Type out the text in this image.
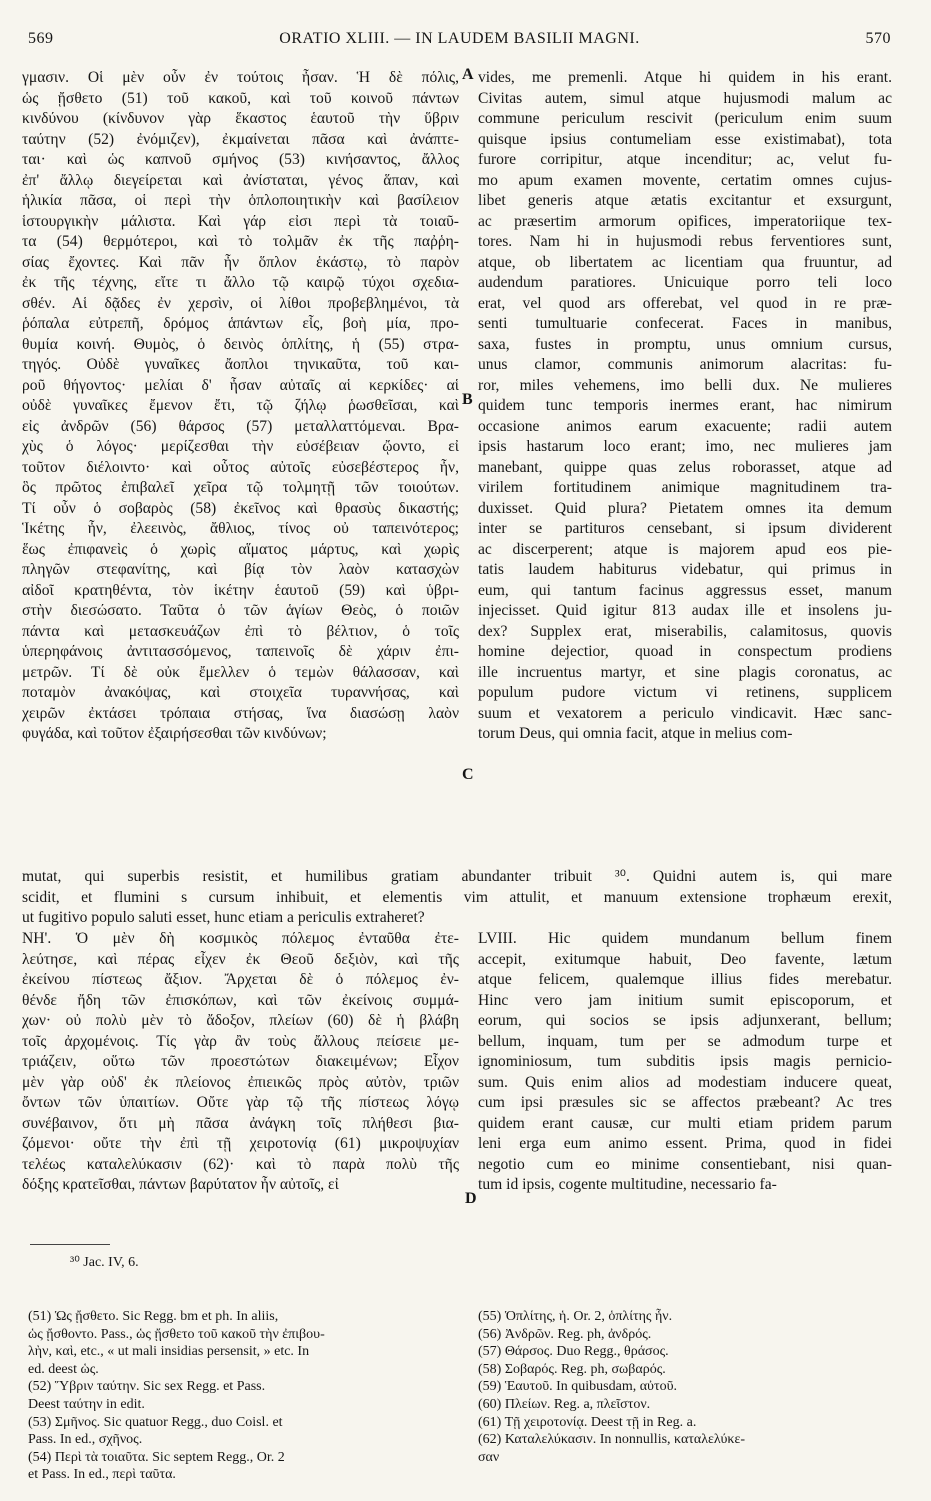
569	ORATIO XLIII. — IN LAUDEM BASILII MAGNI.	570
A
B
C
D
γμασιν. Οἱ μὲν οὖν ἐν τούτοις ἦσαν. Ἡ δὲ πόλις,
ὡς ᾔσθετο (51) τοῦ κακοῦ, καὶ τοῦ κοινοῦ πάντων
κινδύνου (κίνδυνον γὰρ ἕκαστος ἑαυτοῦ τὴν ὕβριν
ταύτην (52) ἐνόμιζεν), ἐκμαίνεται πᾶσα καὶ ἀνάπτε-
ται· καὶ ὡς καπνοῦ σμήνος (53) κινήσαντος, ἄλλος
ἐπ' ἄλλῳ διεγείρεται καὶ ἀνίσταται, γένος ἅπαν, καὶ
ἡλικία πᾶσα, οἱ περὶ τὴν ὁπλοποιητικὴν καὶ βασίλειον
ἱστουργικὴν μάλιστα. Καὶ γάρ εἰσι περὶ τὰ τοιαῦ-
τα (54) θερμότεροι, καὶ τὸ τολμᾶν ἐκ τῆς παῤῥη-
σίας ἔχοντες. Καὶ πᾶν ἦν ὅπλον ἑκάστῳ, τὸ παρὸν
ἐκ τῆς τέχνης, εἴτε τι ἄλλο τῷ καιρῷ τύχοι σχεδια-
σθέν. Αἱ δᾷδες ἐν χερσὶν, οἱ λίθοι προβεβλημένοι, τὰ
ῥόπαλα εὐτρεπῆ, δρόμος ἁπάντων εἷς, βοὴ μία, προ-
θυμία κοινή. Θυμὸς, ὁ δεινὸς ὁπλίτης, ἡ (55) στρα-
τηγός. Οὐδὲ γυναῖκες ἄοπλοι τηνικαῦτα, τοῦ και-
ροῦ θήγοντος· μελίαι δ' ἦσαν αὐταῖς αἱ κερκίδες· αἱ
οὐδὲ γυναῖκες ἔμενον ἔτι, τῷ ζήλῳ ῥωσθεῖσαι, καὶ
εἰς ἀνδρῶν (56) θάρσος (57) μεταλλαττόμεναι. Βρα-
χὺς ὁ λόγος· μερίζεσθαι τὴν εὐσέβειαν ᾤοντο, εἰ
τοῦτον διέλοιντο· καὶ οὗτος αὐτοῖς εὐσεβέστερος ἦν,
ὃς πρῶτος ἐπιβαλεῖ χεῖρα τῷ τολμητῇ τῶν τοιούτων.
Τί οὖν ὁ σοβαρὸς (58) ἐκεῖνος καὶ θρασὺς δικαστής;
Ἱκέτης ἦν, ἐλεεινὸς, ἄθλιος, τίνος οὐ ταπεινότερος;
ἕως ἐπιφανεὶς ὁ χωρὶς αἵματος μάρτυς, καὶ χωρὶς
πληγῶν στεφανίτης, καὶ βίᾳ τὸν λαὸν κατασχὼν
αἰδοῖ κρατηθέντα, τὸν ἱκέτην ἑαυτοῦ (59) καὶ ὑβρι-
στὴν διεσώσατο. Ταῦτα ὁ τῶν ἁγίων Θεὸς, ὁ ποιῶν
πάντα καὶ μετασκευάζων ἐπὶ τὸ βέλτιον, ὁ τοῖς
ὑπερηφάνοις ἀντιτασσόμενος, ταπεινοῖς δὲ χάριν ἐπι-
μετρῶν. Τί δὲ οὐκ ἔμελλεν ὁ τεμὼν θάλασσαν, καὶ
ποταμὸν ἀνακόψας, καὶ στοιχεῖα τυραννήσας, καὶ
χειρῶν ἐκτάσει τρόπαια στήσας, ἵνα διασώσῃ λαὸν
φυγάδα, καὶ τοῦτον ἐξαιρήσεσθαι τῶν κινδύνων;
vides, me premenli. Atque hi quidem in his erant.
Civitas autem, simul atque hujusmodi malum ac
commune periculum rescivit (periculum enim suum
quisque ipsius contumeliam esse existimabat), tota
furore corripitur, atque incenditur; ac, velut fu-
mo apum examen movente, certatim omnes cujus-
libet generis atque ætatis excitantur et exsurgunt,
ac præsertim armorum opifices, imperatoriique tex-
tores. Nam hi in hujusmodi rebus ferventiores sunt,
atque, ob libertatem ac licentiam qua fruuntur, ad
audendum paratiores. Unicuique porro teli loco
erat, vel quod ars offerebat, vel quod in re præ-
senti tumultuarie confecerat. Faces in manibus,
saxa, fustes in promptu, unus omnium cursus,
unus clamor, communis animorum alacritas: fu-
ror, miles vehemens, imo belli dux. Ne mulieres
quidem tunc temporis inermes erant, hac nimirum
occasione animos earum exacuente; radii autem
ipsis hastarum loco erant; imo, nec mulieres jam
manebant, quippe quas zelus roborasset, atque ad
virilem fortitudinem animique magnitudinem tra-
duxisset. Quid plura? Pietatem omnes ita demum
inter se partituros censebant, si ipsum dividerent
ac discerperent; atque is majorem apud eos pie-
tatis laudem habiturus videbatur, qui primus in
eum, qui tantum facinus aggressus esset, manum
injecisset. Quid igitur 813 audax ille et insolens ju-
dex? Supplex erat, miserabilis, calamitosus, quovis
homine dejectior, quoad in conspectum prodiens
ille incruentus martyr, et sine plagis coronatus, ac
populum pudore victum vi retinens, supplicem
suum et vexatorem a periculo vindicavit. Hæc sanc-
torum Deus, qui omnia facit, atque in melius com-
mutat, qui superbis resistit, et humilibus gratiam abundanter tribuit ³⁰. Quidni autem is, qui mare
scidit, et flumini s cursum inhibuit, et elementis vim attulit, et manuum extensione trophæum erexit,
ut fugitivo populo saluti esset, hunc etiam a periculis extraheret?
ΝΗ'. Ὁ μὲν δὴ κοσμικὸς πόλεμος ἐνταῦθα ἐτε-
λεύτησε, καὶ πέρας εἶχεν ἐκ Θεοῦ δεξιὸν, καὶ τῆς
ἐκείνου πίστεως ἄξιον. Ἄρχεται δὲ ὁ πόλεμος ἐν-
θένδε ἤδη τῶν ἐπισκόπων, καὶ τῶν ἐκείνοις συμμά-
χων· οὐ πολὺ μὲν τὸ ἄδοξον, πλείων (60) δὲ ἡ βλάβη
τοῖς ἀρχομένοις. Τίς γὰρ ἂν τοὺς ἄλλους πείσειε με-
τριάζειν, οὕτω τῶν προεστώτων διακειμένων; Εἶχον
μὲν γὰρ οὐδ' ἐκ πλείονος ἐπιεικῶς πρὸς αὐτὸν, τριῶν
ὄντων τῶν ὑπαιτίων. Οὔτε γὰρ τῷ τῆς πίστεως λόγῳ
συνέβαινον, ὅτι μὴ πᾶσα ἀνάγκη τοῖς πλήθεσι βια-
ζόμενοι· οὔτε τὴν ἐπὶ τῇ χειροτονίᾳ (61) μικροψυχίαν
τελέως καταλελύκασιν (62)· καὶ τὸ παρὰ πολὺ τῆς
δόξης κρατεῖσθαι, πάντων βαρύτατον ἦν αὐτοῖς, εἰ
LVIII. Hic quidem mundanum bellum finem
accepit, exitumque habuit, Deo favente, lætum
atque felicem, qualemque illius fides merebatur.
Hinc vero jam initium sumit episcoporum, et
eorum, qui socios se ipsis adjunxerant, bellum;
bellum, inquam, tum per se admodum turpe et
ignominiosum, tum subditis ipsis magis pernicio-
sum. Quis enim alios ad modestiam inducere queat,
cum ipsi præsules sic se affectos præbeant? Ac tres
quidem erant causæ, cur multi etiam pridem parum
leni erga eum animo essent. Prima, quod in fidei
negotio cum eo minime consentiebant, nisi quan-
tum id ipsis, cogente multitudine, necessario fa-
³⁰ Jac. IV, 6.
(51) Ὡς ᾔσθετο. Sic Regg. bm et ph. In aliis,
ὡς ᾔσθοντο. Pass., ὡς ᾔσθετο τοῦ κακοῦ τὴν ἐπιβου-
λὴν, καὶ, etc., « ut mali insidias persensit, » etc. In
ed. deest ὡς.
(52) Ὕβριν ταύτην. Sic sex Regg. et Pass.
Deest ταύτην in edit.
(53) Σμῆνος. Sic quatuor Regg., duo Coisl. et
Pass. In ed., σχῆνος.
(54) Περὶ τὰ τοιαῦτα. Sic septem Regg., Or. 2
et Pass. In ed., περὶ ταῦτα.
(55) Ὁπλίτης, ἡ. Or. 2, ὁπλίτης ἦν.
(56) Ἀνδρῶν. Reg. ph, ἀνδρός.
(57) Θάρσος. Duo Regg., θράσος.
(58) Σοβαρός. Reg. ph, σωβαρός.
(59) Ἑαυτοῦ. In quibusdam, αὐτοῦ.
(60) Πλείων. Reg. a, πλεῖστον.
(61) Τῇ χειροτονίᾳ. Deest τῇ in Reg. a.
(62) Καταλελύκασιν. In nonnullis, καταλελύκε-
σαν
